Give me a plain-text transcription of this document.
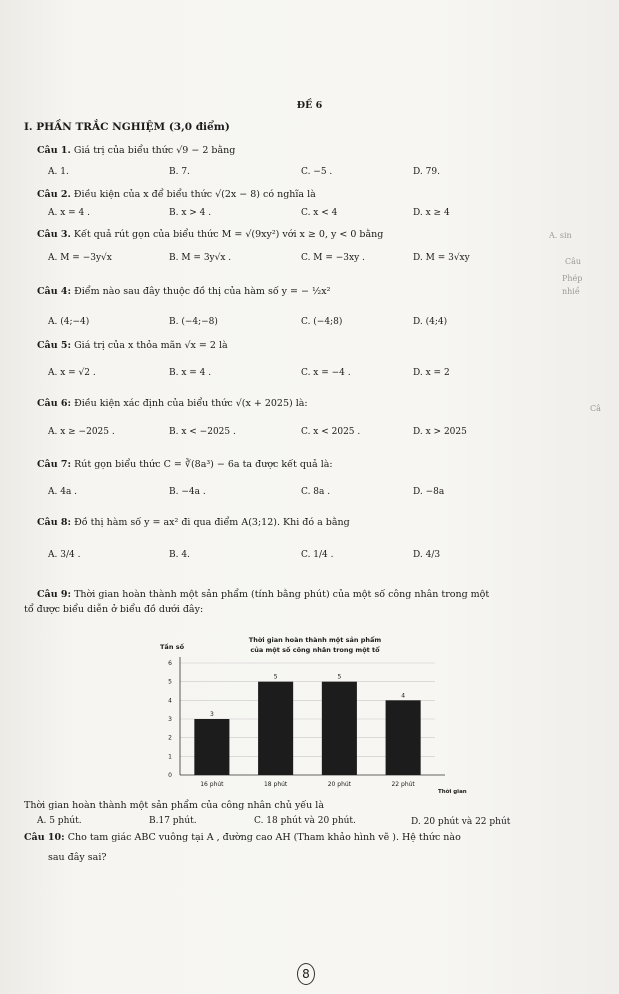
ĐỀ 6
I. PHẦN TRẮC NGHIỆM (3,0 điểm)
Câu 1. Giá trị của biểu thức √9 − 2 bằng
A. 1.	B. 7.	C. −5 .	D. 79.
Câu 2. Điều kiện của x để biểu thức √(2x − 8) có nghĩa là
A. x = 4 .	B. x > 4 .	C. x < 4	D. x ≥ 4
Câu 3. Kết quả rút gọn của biểu thức M = √(9xy²) với x ≥ 0, y < 0 bằng	A. sin
A. M = −3y√x	B. M = 3y√x .	C. M = −3xy .	D. M = 3√xy	Câu
Phép
Câu 4: Điểm nào sau đây thuộc đồ thị của hàm số y = − ½x²	nhiề
A. (4;−4)	B. (−4;−8)	C. (−4;8)	D. (4;4)
Câu 5: Giá trị của x thỏa mãn √x = 2 là
A. x = √2 .	B. x = 4 .	C. x = −4 .	D. x = 2
Câu 6: Điều kiện xác định của biểu thức √(x + 2025) là:	Câ
A. x ≥ −2025 .	B. x < −2025 .	C. x < 2025 .	D. x > 2025
Câu 7: Rút gọn biểu thức C = ∛(8a³) − 6a ta được kết quả là:
A. 4a .	B. −4a .	C. 8a .	D. −8a
Câu 8: Đồ thị hàm số y = ax² đi qua điểm A(3;12). Khi đó a bằng
A. 3/4 .	B. 4.	C. 1/4 .	D. 4/3
Câu 9: Thời gian hoàn thành một sản phẩm (tính bằng phút) của một số công nhân trong một
tổ được biểu diễn ở biểu đồ dưới đây:
Tần số
Thời gian hoàn thành một sản phẩm
của một số công nhân trong một tổ
Thời gian
0
1
2
3
4
5
6
3
16 phút
5
18 phút
5
20 phút
4
22 phút
Thời gian hoàn thành một sản phẩm của công nhân chủ yếu là
A. 5 phút.	B.17 phút.	C. 18 phút và 20 phút.	D. 20 phút và 22 phút
Câu 10: Cho tam giác ABC vuông tại A , đường cao AH (Tham khảo hình vẽ ). Hệ thức nào
sau đây sai?
8
